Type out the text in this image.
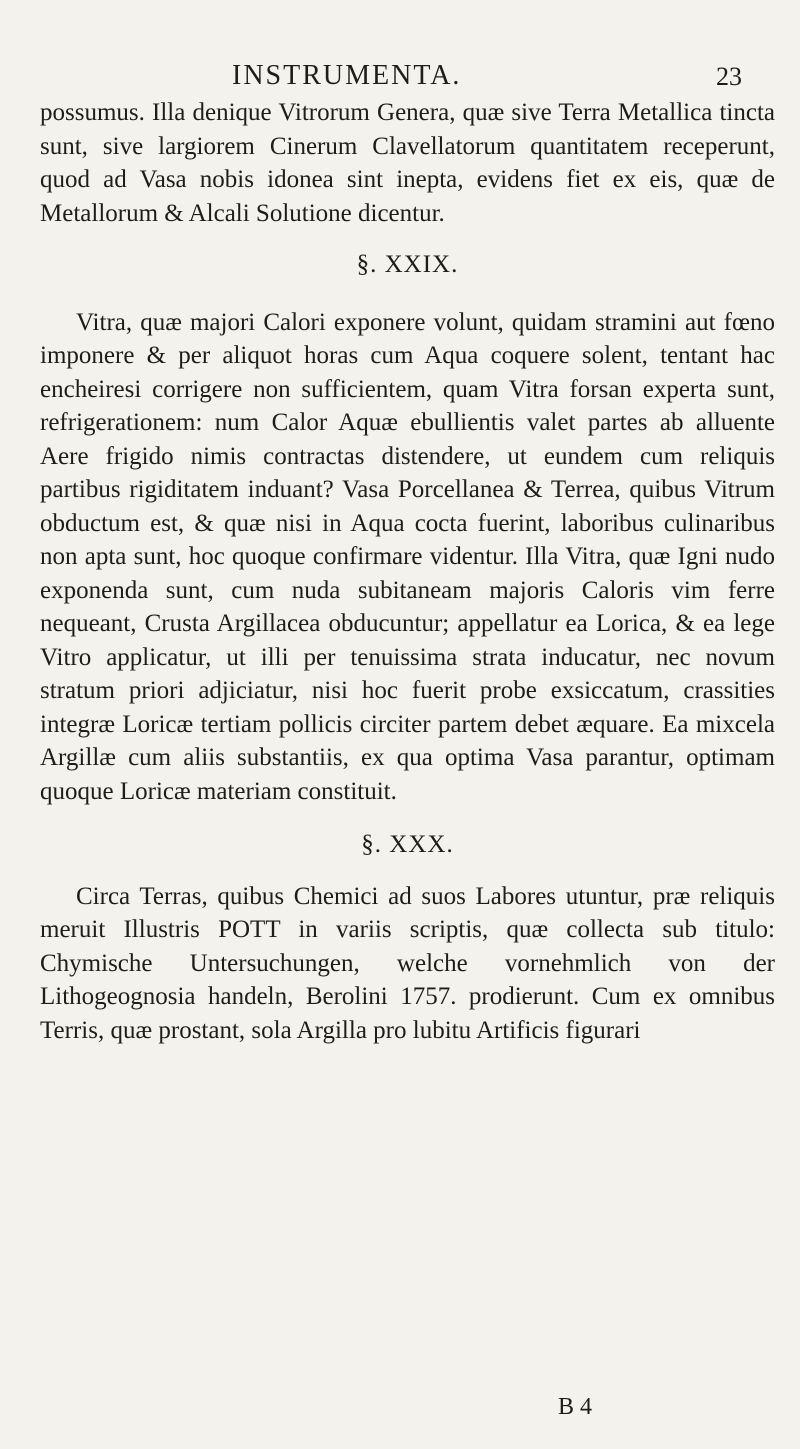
INSTRUMENTA.	23

possumus. Illa denique Vitrorum Genera, quæ sive Terra Metallica tincta sunt, sive largiorem Cinerum Clavellatorum quantitatem receperunt, quod ad Vasa nobis idonea sint inepta, evidens fiet ex eis, quæ de Metallorum & Alcali Solutione dicentur.

§. XXIX.

Vitra, quæ majori Calori exponere volunt, quidam stramini aut fœno imponere & per aliquot horas cum Aqua coquere solent, tentant hac encheiresi corrigere non sufficientem, quam Vitra forsan experta sunt, refrigerationem: num Calor Aquæ ebullientis valet partes ab alluente Aere frigido nimis contractas distendere, ut eundem cum reliquis partibus rigiditatem induant? Vasa Porcellanea & Terrea, quibus Vitrum obductum est, & quæ nisi in Aqua cocta fuerint, laboribus culinaribus non apta sunt, hoc quoque confirmare videntur. Illa Vitra, quæ Igni nudo exponenda sunt, cum nuda subitaneam majoris Caloris vim ferre nequeant, Crusta Argillacea obducuntur; appellatur ea Lorica, & ea lege Vitro applicatur, ut illi per tenuissima strata inducatur, nec novum stratum priori adjiciatur, nisi hoc fuerit probe exsiccatum, crassities integræ Loricæ tertiam pollicis circiter partem debet æquare. Ea mixcela Argillæ cum aliis substantiis, ex qua optima Vasa parantur, optimam quoque Loricæ materiam constituit.

§. XXX.

Circa Terras, quibus Chemici ad suos Labores utuntur, præ reliquis meruit Illustris POTT in variis scriptis, quæ collecta sub titulo: Chymische Untersuchungen, welche vornehmlich von der Lithogeognosia handeln, Berolini 1757. prodierunt. Cum ex omnibus Terris, quæ prostant, sola Argilla pro lubitu Artificis figurari

B 4
